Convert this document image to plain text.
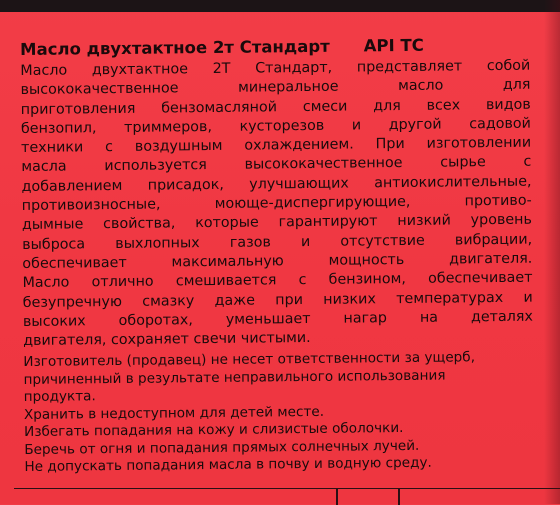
Масло двухтактное 2т Стандарт API TC

Масло двухтактное 2Т Стандарт, представляет собой

высококачественное минеральное масло для

приготовления бензомасляной смеси для всех видов

бензопил, триммеров, кусторезов и другой садовой

техники с воздушным охлаждением. При изготовлении

масла используется высококачественное сырье с

добавлением присадок, улучшающих антиокислительные,

противоизносные, моюще-диспергирующие, противо-

дымные свойства, которые гарантируют низкий уровень

выброса выхлопных газов и отсутствие вибрации,

обеспечивает максимальную мощность двигателя.

Масло отлично смешивается с бензином, обеспечивает

безупречную смазку даже при низких температурах и

высоких оборотах, уменьшает нагар на деталях

двигателя, сохраняет свечи чистыми.

Изготовитель (продавец) не несет ответственности за ущерб,

причиненный в результате неправильного использования

продукта.

Хранить в недоступном для детей месте.

Избегать попадания на кожу и слизистые оболочки.

Беречь от огня и попадания прямых солнечных лучей.

Не допускать попадания масла в почву и водную среду.
